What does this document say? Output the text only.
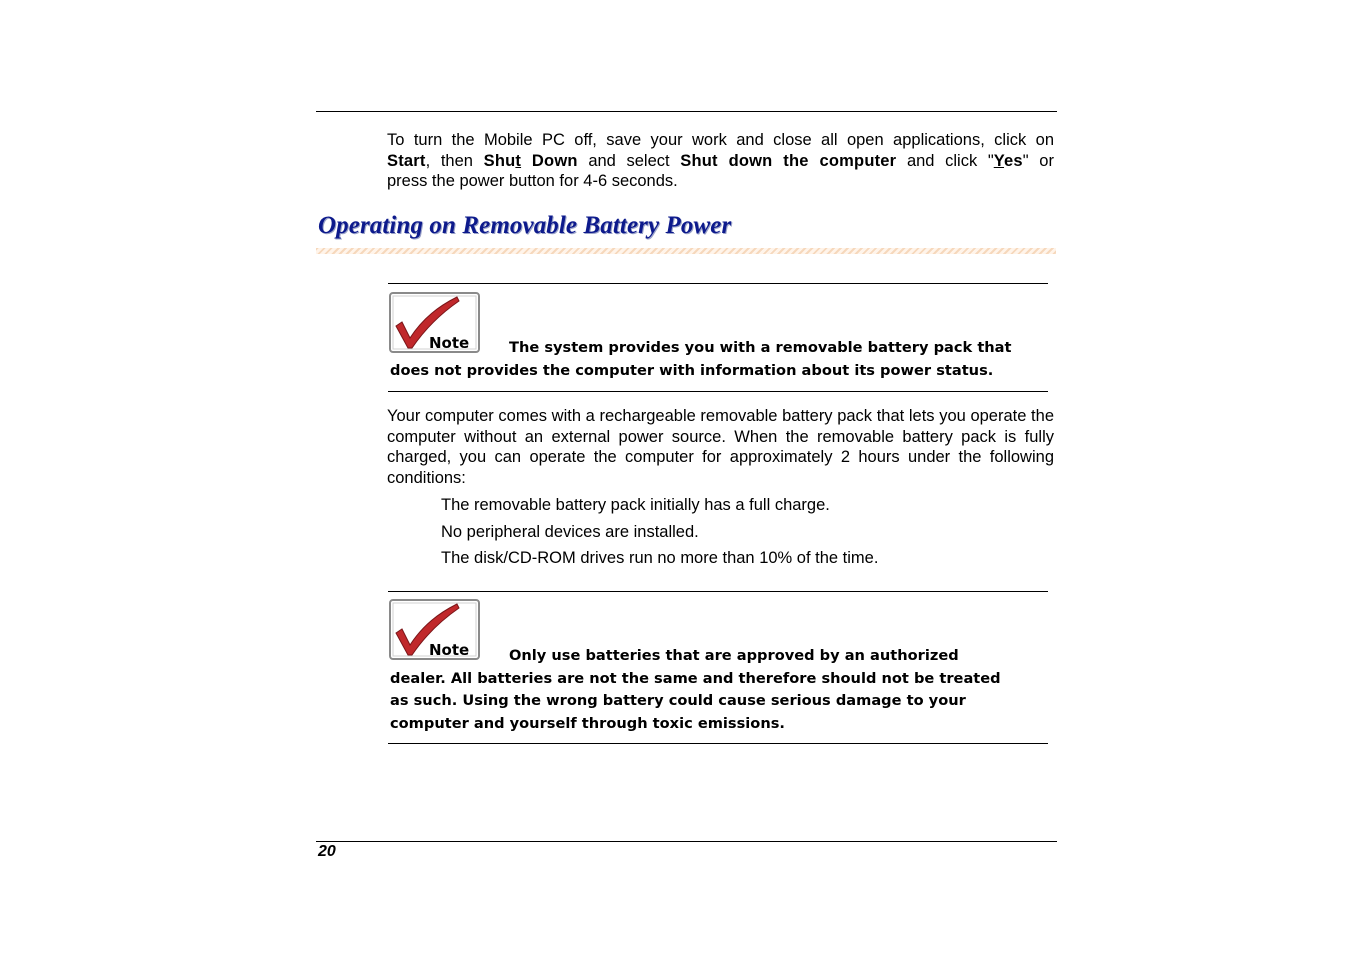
To turn the Mobile PC off, save your work and close all open applications, click on
Start, then Shut Down and select Shut down the computer and click "Yes" or
press the power button for 4-6 seconds.
Operating on Removable Battery Power
Note	The system provides you with a removable battery pack that

does not provides the computer with information about its power status.

Your computer comes with a rechargeable removable battery pack that lets you operate the computer without an external power source. When the removable battery pack is fully charged, you can operate the computer for approximately 2 hours under the following conditions:

The removable battery pack initially has a full charge.

No peripheral devices are installed.

The disk/CD-ROM drives run no more than 10% of the time.

Note	Only use batteries that are approved by an authorized

dealer. All batteries are not the same and therefore should not be treated

as such. Using the wrong battery could cause serious damage to your

computer and yourself through toxic emissions.

20
